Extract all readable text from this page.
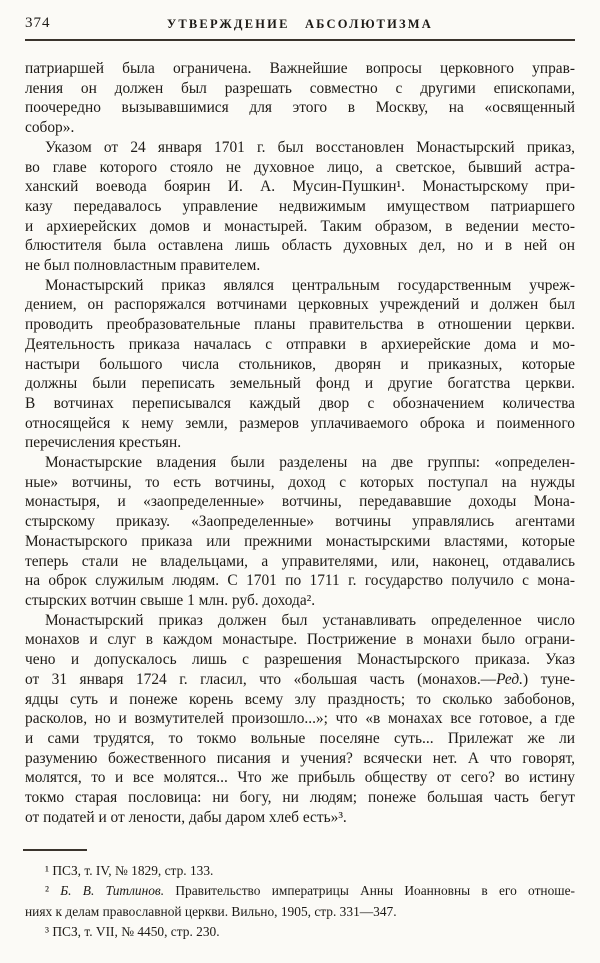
374	УТВЕРЖДЕНИЕ АБСОЛЮТИЗМА
патриаршей была ограничена. Важнейшие вопросы церковного управ-
ления он должен был разрешать совместно с другими епископами,
поочередно вызывавшимися для этого в Москву, на «освященный
собор».
Указом от 24 января 1701 г. был восстановлен Монастырский приказ,
во главе которого стояло не духовное лицо, а светское, бывший астра-
ханский воевода боярин И. А. Мусин-Пушкин¹. Монастырскому при-
казу передавалось управление недвижимым имуществом патриаршего
и архиерейских домов и монастырей. Таким образом, в ведении место-
блюстителя была оставлена лишь область духовных дел, но и в ней он
не был полновластным правителем.
Монастырский приказ являлся центральным государственным учреж-
дением, он распоряжался вотчинами церковных учреждений и должен был
проводить преобразовательные планы правительства в отношении церкви.
Деятельность приказа началась с отправки в архиерейские дома и мо-
настыри большого числа стольников, дворян и приказных, которые
должны были переписать земельный фонд и другие богатства церкви.
В вотчинах переписывался каждый двор с обозначением количества
относящейся к нему земли, размеров уплачиваемого оброка и поименного
перечисления крестьян.
Монастырские владения были разделены на две группы: «определен-
ные» вотчины, то есть вотчины, доход с которых поступал на нужды
монастыря, и «заопределенные» вотчины, передававшие доходы Мона-
стырскому приказу. «Заопределенные» вотчины управлялись агентами
Монастырского приказа или прежними монастырскими властями, которые
теперь стали не владельцами, а управителями, или, наконец, отдавались
на оброк служилым людям. С 1701 по 1711 г. государство получило с мона-
стырских вотчин свыше 1 млн. руб. дохода².
Монастырский приказ должен был устанавливать определенное число
монахов и слуг в каждом монастыре. Пострижение в монахи было ограни-
чено и допускалось лишь с разрешения Монастырского приказа. Указ
от 31 января 1724 г. гласил, что «большая часть (монахов.—Ред.) туне-
ядцы суть и понеже корень всему злу праздность; то сколько забобонов,
расколов, но и возмутителей произошло...»; что «в монахах все готовое, а где
и сами трудятся, то токмо вольные поселяне суть... Прилежат же ли
разумению божественного писания и учения? всячески нет. А что говорят,
молятся, то и все молятся... Что же прибыль обществу от сего? во истину
токмо старая пословица: ни богу, ни людям; понеже большая часть бегут
от податей и от лености, дабы даром хлеб есть»³.
¹ ПСЗ, т. IV, № 1829, стр. 133.
² Б. В. Титлинов. Правительство императрицы Анны Иоанновны в его отноше-
ниях к делам православной церкви. Вильно, 1905, стр. 331—347.
³ ПСЗ, т. VII, № 4450, стр. 230.
